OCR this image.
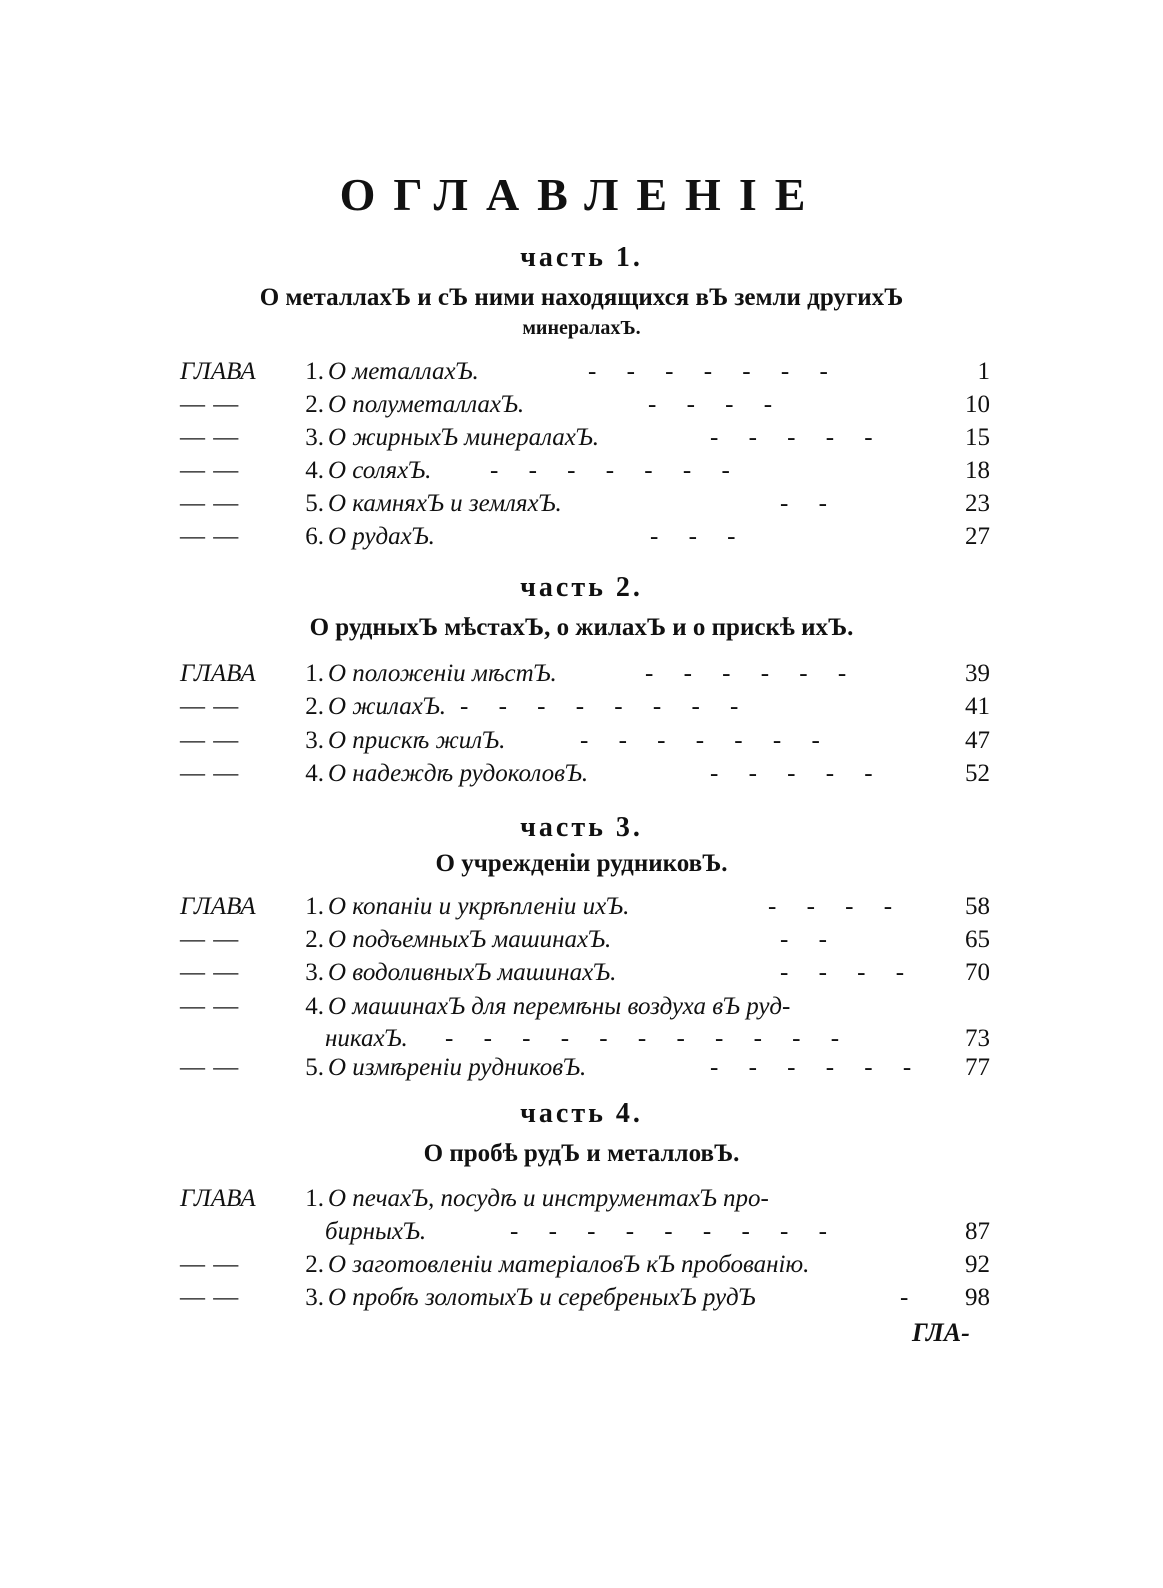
ОГЛАВЛЕНІЕ
часть 1.
О металлахЪ и сЪ ними находящихся вЪ земли другихЪ
минералахЪ.
ГЛАВА	1. О металлахЪ.	- - - - - - -	1
— —	2. О полуметаллахЪ.	- - - -	10
— —	3. О жирныхЪ минералахЪ.	- - - - -	15
— —	4. О соляхЪ. - - - - - - -	18
— —	5. О камняхЪ и земляхЪ.	- -	23
— —	6. О рудахЪ.	- - -	27
часть 2.
О рудныхЪ мѣстахЪ, о жилахЪ и о прискѣ ихЪ.
ГЛАВА	1. О положеніи мѣстЪ.	- - - - - -	39
— —	2. О жилахЪ. - - - - - - - -	41
— —	3. О прискѣ жилЪ.	- - - - - - -	47
— —	4. О надеждѣ рудоколовЪ.	- - - - -	52
часть 3.
О учрежденіи рудниковЪ.
ГЛАВА	1. О копаніи и укрѣпленіи ихЪ.	- - - -	58
— —	2. О подъемныхЪ машинахЪ.	- -	65
— —	3. О водоливныхЪ машинахЪ.	- - - -	70
— —	4. О машинахЪ для перемѣны воздуха вЪ руд-
никахЪ. - - - - - - - - - - -	73
— —	5. О измѣреніи рудниковЪ.	- - - - - -	77
часть 4.
О пробѣ рудЪ и металловЪ.
ГЛАВА	1. О печахЪ, посудѣ и инструментахЪ про-
бирныхЪ.	- - - - - - - - -	87
— —	2. О заготовленіи матеріаловЪ кЪ пробованію.	92
— —	3. О пробѣ золотыхЪ и серебреныхЪ рудЪ	-	98
ГЛА-
